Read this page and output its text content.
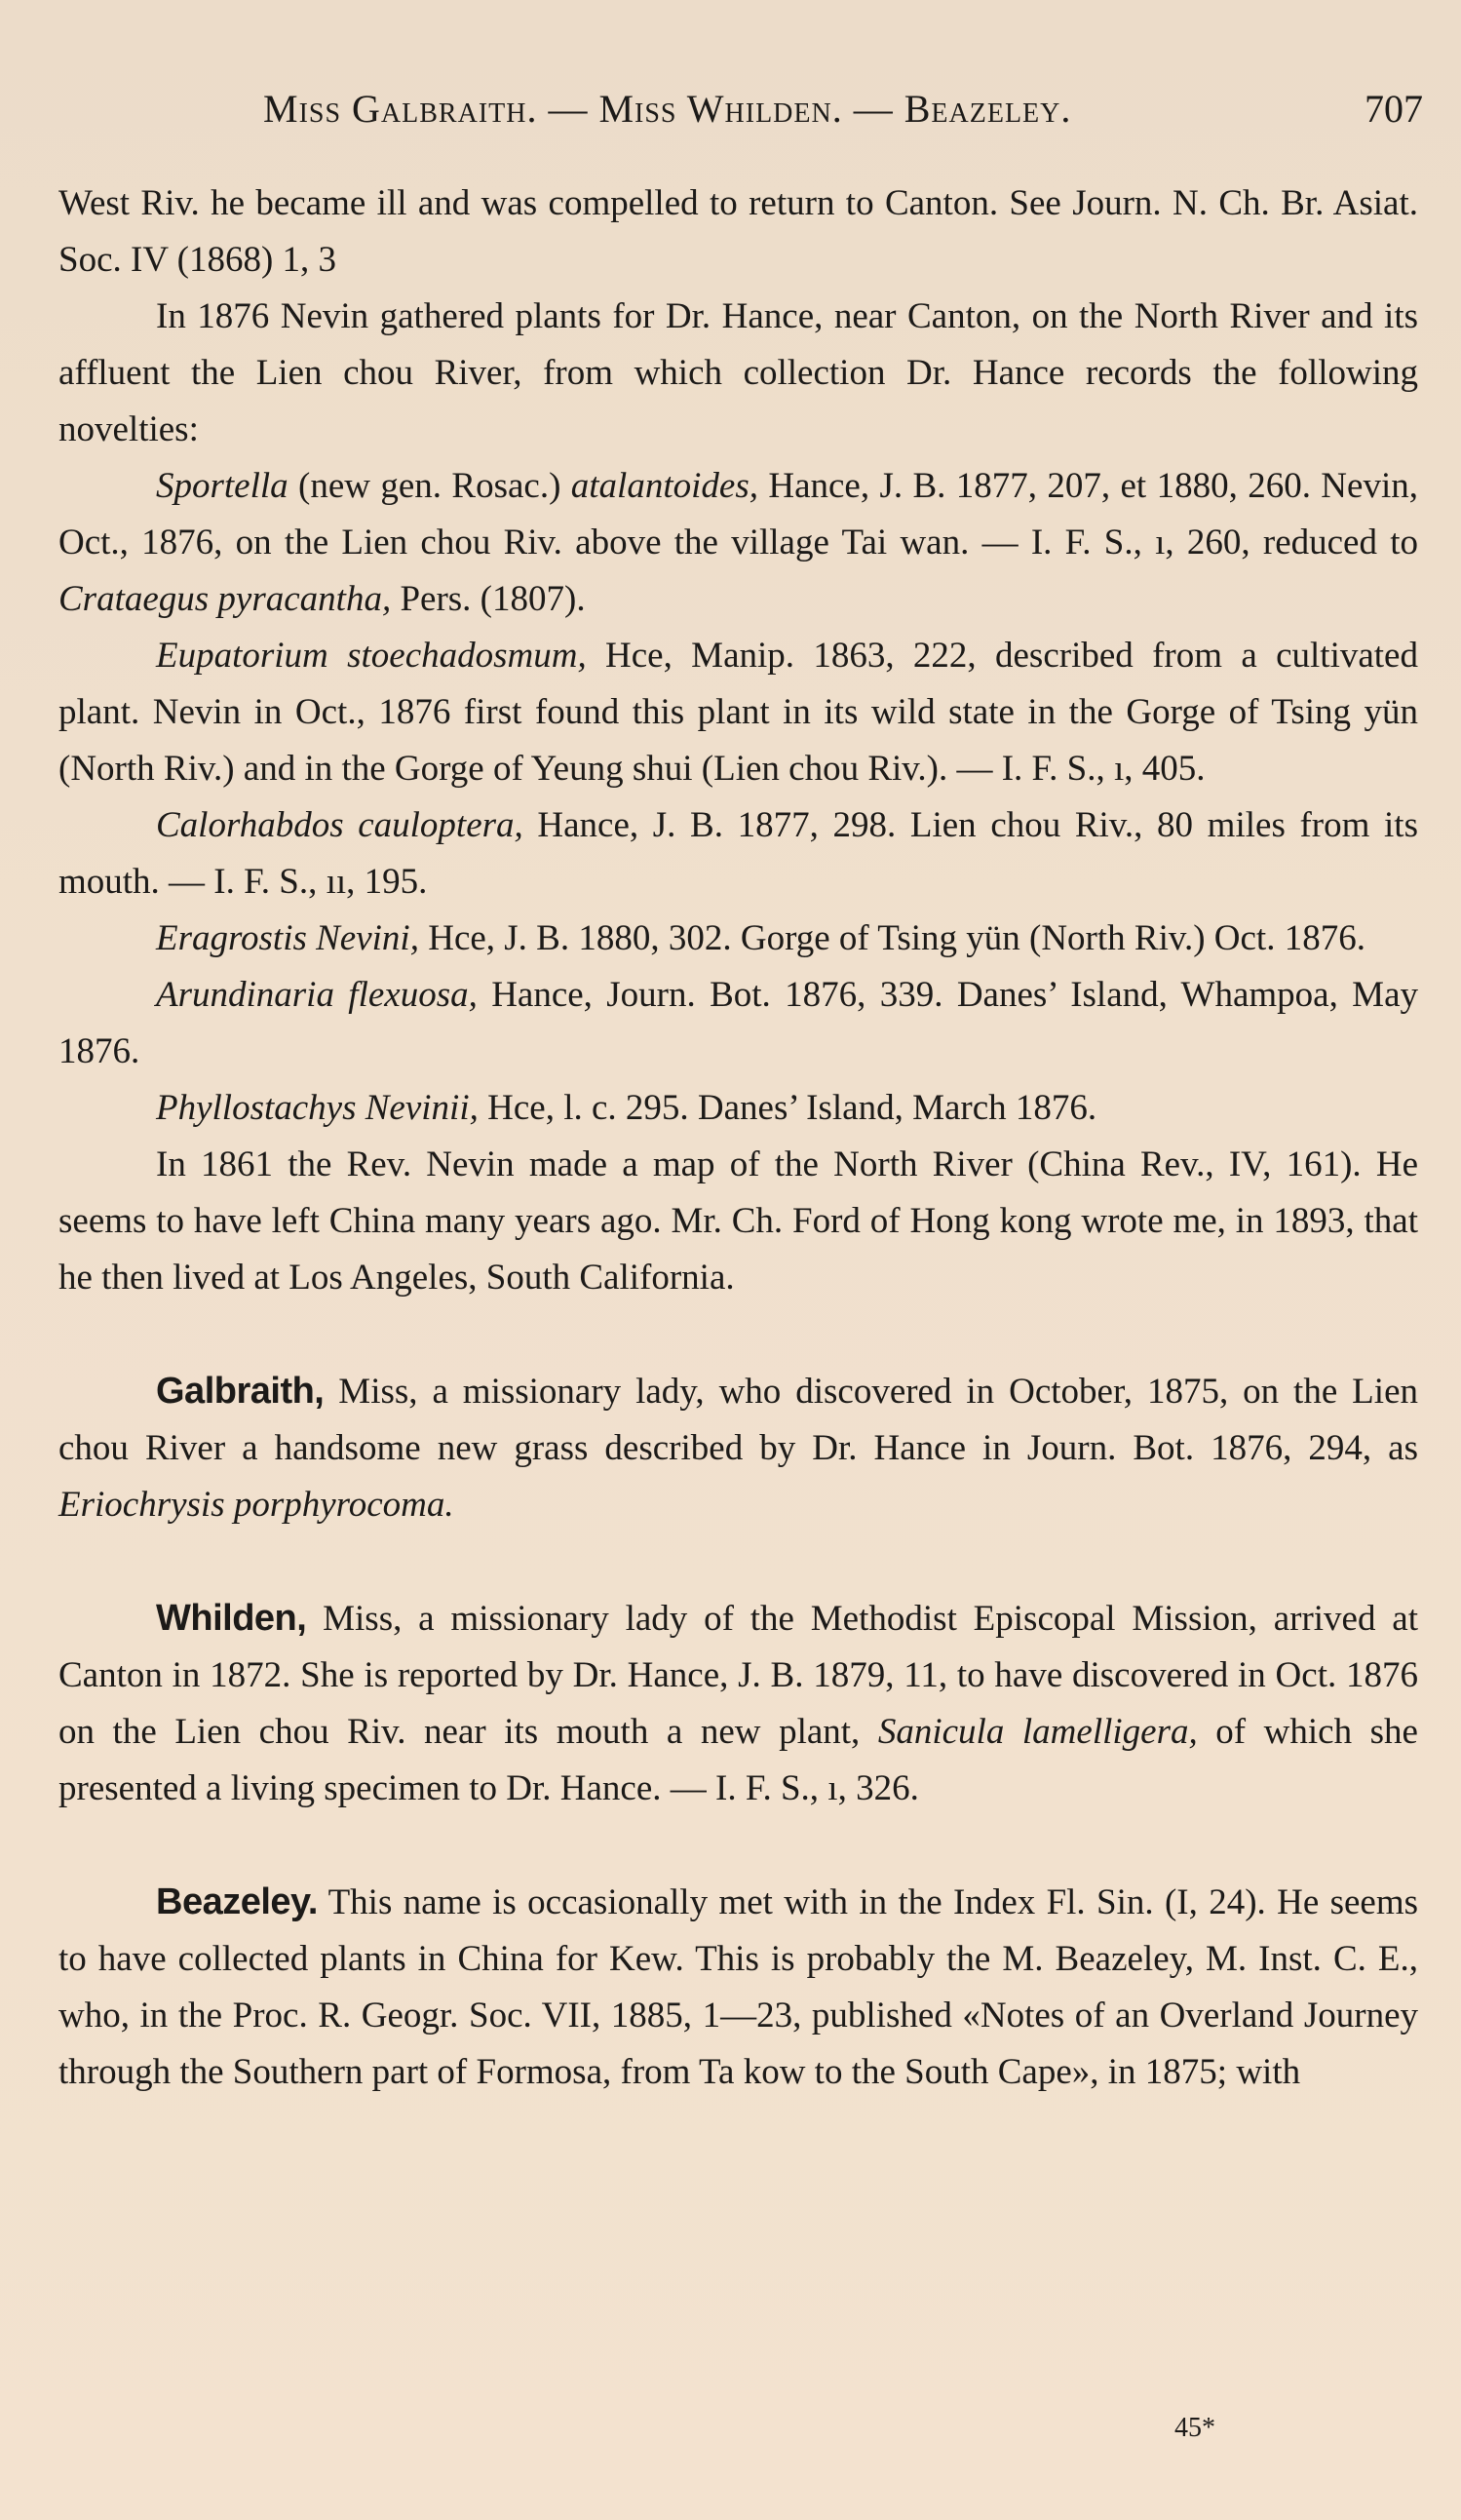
Miss Galbraith. — Miss Whilden. — Beazeley.	707

West Riv. he became ill and was compelled to return to Canton. See Journ. N. Ch. Br. Asiat. Soc. IV (1868) 1, 3

In 1876 Nevin gathered plants for Dr. Hance, near Canton, on the North River and its affluent the Lien chou River, from which collection Dr. Hance records the following novelties:

Sportella (new gen. Rosac.) atalantoides, Hance, J. B. 1877, 207, et 1880, 260. Nevin, Oct., 1876, on the Lien chou Riv. above the village Tai wan. — I. F. S., ı, 260, reduced to Crataegus pyracantha, Pers. (1807).

Eupatorium stoechadosmum, Hce, Manip. 1863, 222, described from a cultivated plant. Nevin in Oct., 1876 first found this plant in its wild state in the Gorge of Tsing yün (North Riv.) and in the Gorge of Yeung shui (Lien chou Riv.). — I. F. S., ı, 405.

Calorhabdos cauloptera, Hance, J. B. 1877, 298. Lien chou Riv., 80 miles from its mouth. — I. F. S., ıı, 195.

Eragrostis Nevini, Hce, J. B. 1880, 302. Gorge of Tsing yün (North Riv.) Oct. 1876.

Arundinaria flexuosa, Hance, Journ. Bot. 1876, 339. Danes’ Island, Whampoa, May 1876.

Phyllostachys Nevinii, Hce, l. c. 295. Danes’ Island, March 1876.

In 1861 the Rev. Nevin made a map of the North River (China Rev., IV, 161). He seems to have left China many years ago. Mr. Ch. Ford of Hong kong wrote me, in 1893, that he then lived at Los Angeles, South California.

Galbraith, Miss, a missionary lady, who discovered in October, 1875, on the Lien chou River a handsome new grass described by Dr. Hance in Journ. Bot. 1876, 294, as Eriochrysis porphyrocoma.

Whilden, Miss, a missionary lady of the Methodist Episcopal Mission, arrived at Canton in 1872. She is reported by Dr. Hance, J. B. 1879, 11, to have discovered in Oct. 1876 on the Lien chou Riv. near its mouth a new plant, Sanicula lamelligera, of which she presented a living specimen to Dr. Hance. — I. F. S., ı, 326.

Beazeley. This name is occasionally met with in the Index Fl. Sin. (I, 24). He seems to have collected plants in China for Kew. This is probably the M. Beazeley, M. Inst. C. E., who, in the Proc. R. Geogr. Soc. VII, 1885, 1—23, published «Notes of an Overland Journey through the Southern part of Formosa, from Ta kow to the South Cape», in 1875; with

45*
